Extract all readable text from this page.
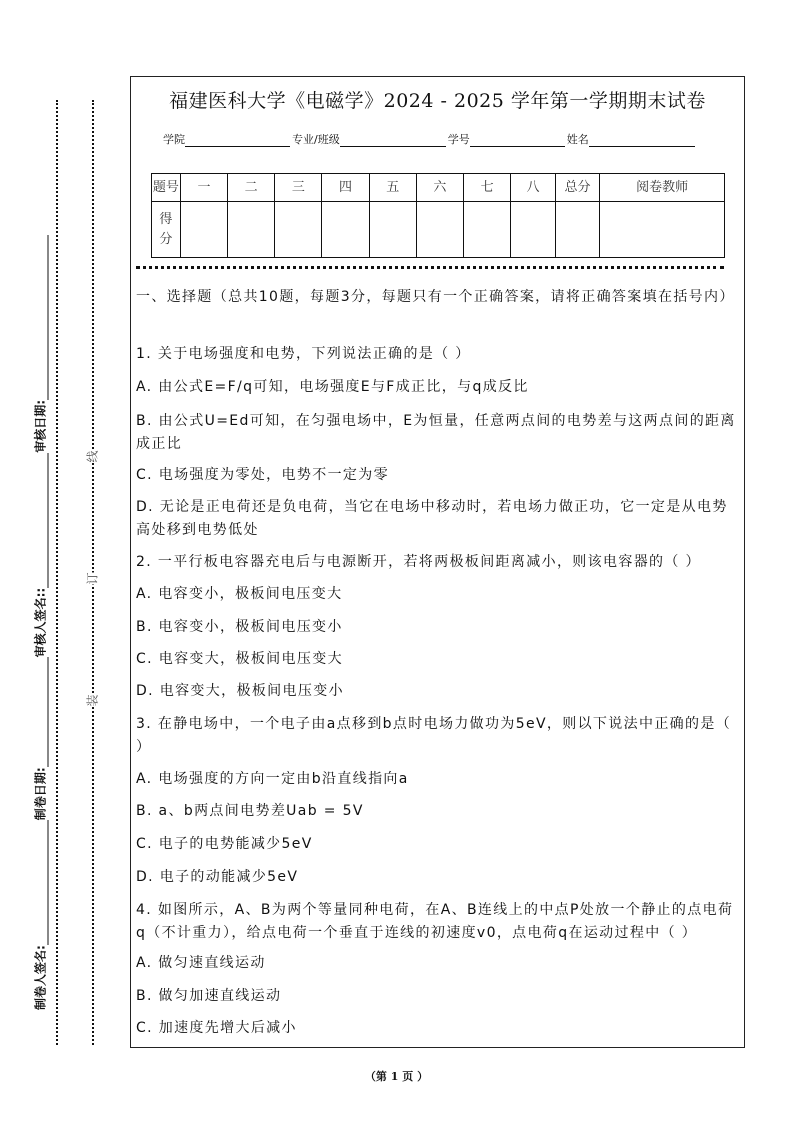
装
订
线
制卷人签名:
制卷日期:
审核人签名::
审核日期:
福建医科大学《电磁学》2024 - 2025 学年第一学期期末试卷
学院	专业/班级	学号	姓名
题号	一	二	三	四	五	六	七	八	总分	阅卷教师
得分										
一、选择题（总共10题，每题3分，每题只有一个正确答案，请将正确答案填在括号内）
1. 关于电场强度和电势，下列说法正确的是（ ）
A. 由公式E=F/q可知，电场强度E与F成正比，与q成反比
B. 由公式U=Ed可知，在匀强电场中，E为恒量，任意两点间的电势差与这两点间的距离成正比
C. 电场强度为零处，电势不一定为零
D. 无论是正电荷还是负电荷，当它在电场中移动时，若电场力做正功，它一定是从电势高处移到电势低处
2. 一平行板电容器充电后与电源断开，若将两极板间距离减小，则该电容器的（ ）
A. 电容变小，极板间电压变大
B. 电容变小，极板间电压变小
C. 电容变大，极板间电压变大
D. 电容变大，极板间电压变小
3. 在静电场中，一个电子由a点移到b点时电场力做功为5eV，则以下说法中正确的是（ ）
A. 电场强度的方向一定由b沿直线指向a
B. a、b两点间电势差Uab = 5V
C. 电子的电势能减少5eV
D. 电子的动能减少5eV
4. 如图所示，A、B为两个等量同种电荷，在A、B连线上的中点P处放一个静止的点电荷q（不计重力），给点电荷一个垂直于连线的初速度v0，点电荷q在运动过程中（ ）
A. 做匀速直线运动
B. 做匀加速直线运动
C. 加速度先增大后减小
（第 1 页 ）
